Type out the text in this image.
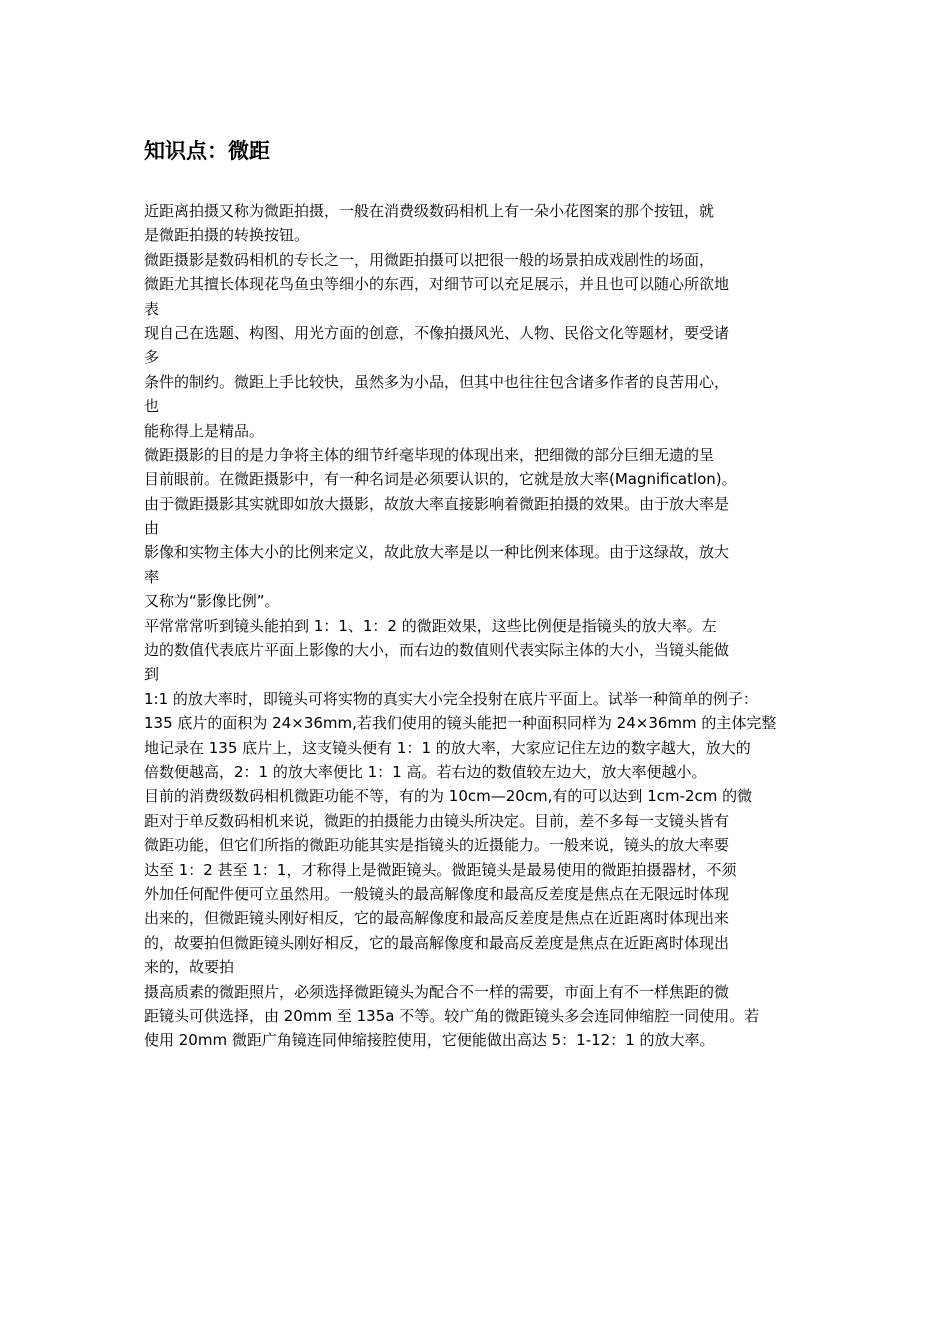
知识点：微距
近距离拍摄又称为微距拍摄，一般在消费级数码相机上有一朵小花图案的那个按钮，就
是微距拍摄的转换按钮。
微距摄影是数码相机的专长之一，用微距拍摄可以把很一般的场景拍成戏剧性的场面，
微距尤其擅长体现花鸟鱼虫等细小的东西，对细节可以充足展示，并且也可以随心所欲地
表
现自己在选题、构图、用光方面的创意，不像拍摄风光、人物、民俗文化等题材，要受诸
多
条件的制约。微距上手比较快，虽然多为小品，但其中也往往包含诸多作者的良苦用心，
也
能称得上是精品。
微距摄影的目的是力争将主体的细节纤毫毕现的体现出来，把细微的部分巨细无遗的呈
目前眼前。在微距摄影中，有一种名词是必须要认识的，它就是放大率(Magnificatlon)。
由于微距摄影其实就即如放大摄影，故放大率直接影响着微距拍摄的效果。由于放大率是
由
影像和实物主体大小的比例来定义，故此放大率是以一种比例来体现。由于这绿故，放大
率
又称为“影像比例”。
平常常常听到镜头能拍到 1：1、1：2 的微距效果，这些比例便是指镜头的放大率。左
边的数值代表底片平面上影像的大小，而右边的数值则代表实际主体的大小，当镜头能做
到
1:1 的放大率时，即镜头可将实物的真实大小完全投射在底片平面上。试举一种简单的例子：
135 底片的面积为 24×36mm,若我们使用的镜头能把一种面积同样为 24×36mm 的主体完整
地记录在 135 底片上，这支镜头便有 1：1 的放大率，大家应记住左边的数字越大，放大的
倍数便越高，2：1 的放大率便比 1：1 高。若右边的数值较左边大，放大率便越小。
目前的消费级数码相机微距功能不等，有的为 10cm—20cm,有的可以达到 1cm-2cm 的微
距对于单反数码相机来说，微距的拍摄能力由镜头所决定。目前，差不多每一支镜头皆有
微距功能，但它们所指的微距功能其实是指镜头的近摄能力。一般来说，镜头的放大率要
达至 1：2 甚至 1：1，才称得上是微距镜头。微距镜头是最易使用的微距拍摄器材，不须
外加任何配件便可立虽然用。一般镜头的最高解像度和最高反差度是焦点在无限远时体现
出来的，但微距镜头刚好相反，它的最高解像度和最高反差度是焦点在近距离时体现出来
的，故要拍但微距镜头刚好相反，它的最高解像度和最高反差度是焦点在近距离时体现出
来的，故要拍
摄高质素的微距照片，必须选择微距镜头为配合不一样的需要，市面上有不一样焦距的微
距镜头可供选择，由 20mm 至 135a 不等。较广角的微距镜头多会连同伸缩腔一同使用。若
使用 20mm 微距广角镜连同伸缩接腔使用，它便能做出高达 5：1-12：1 的放大率。
